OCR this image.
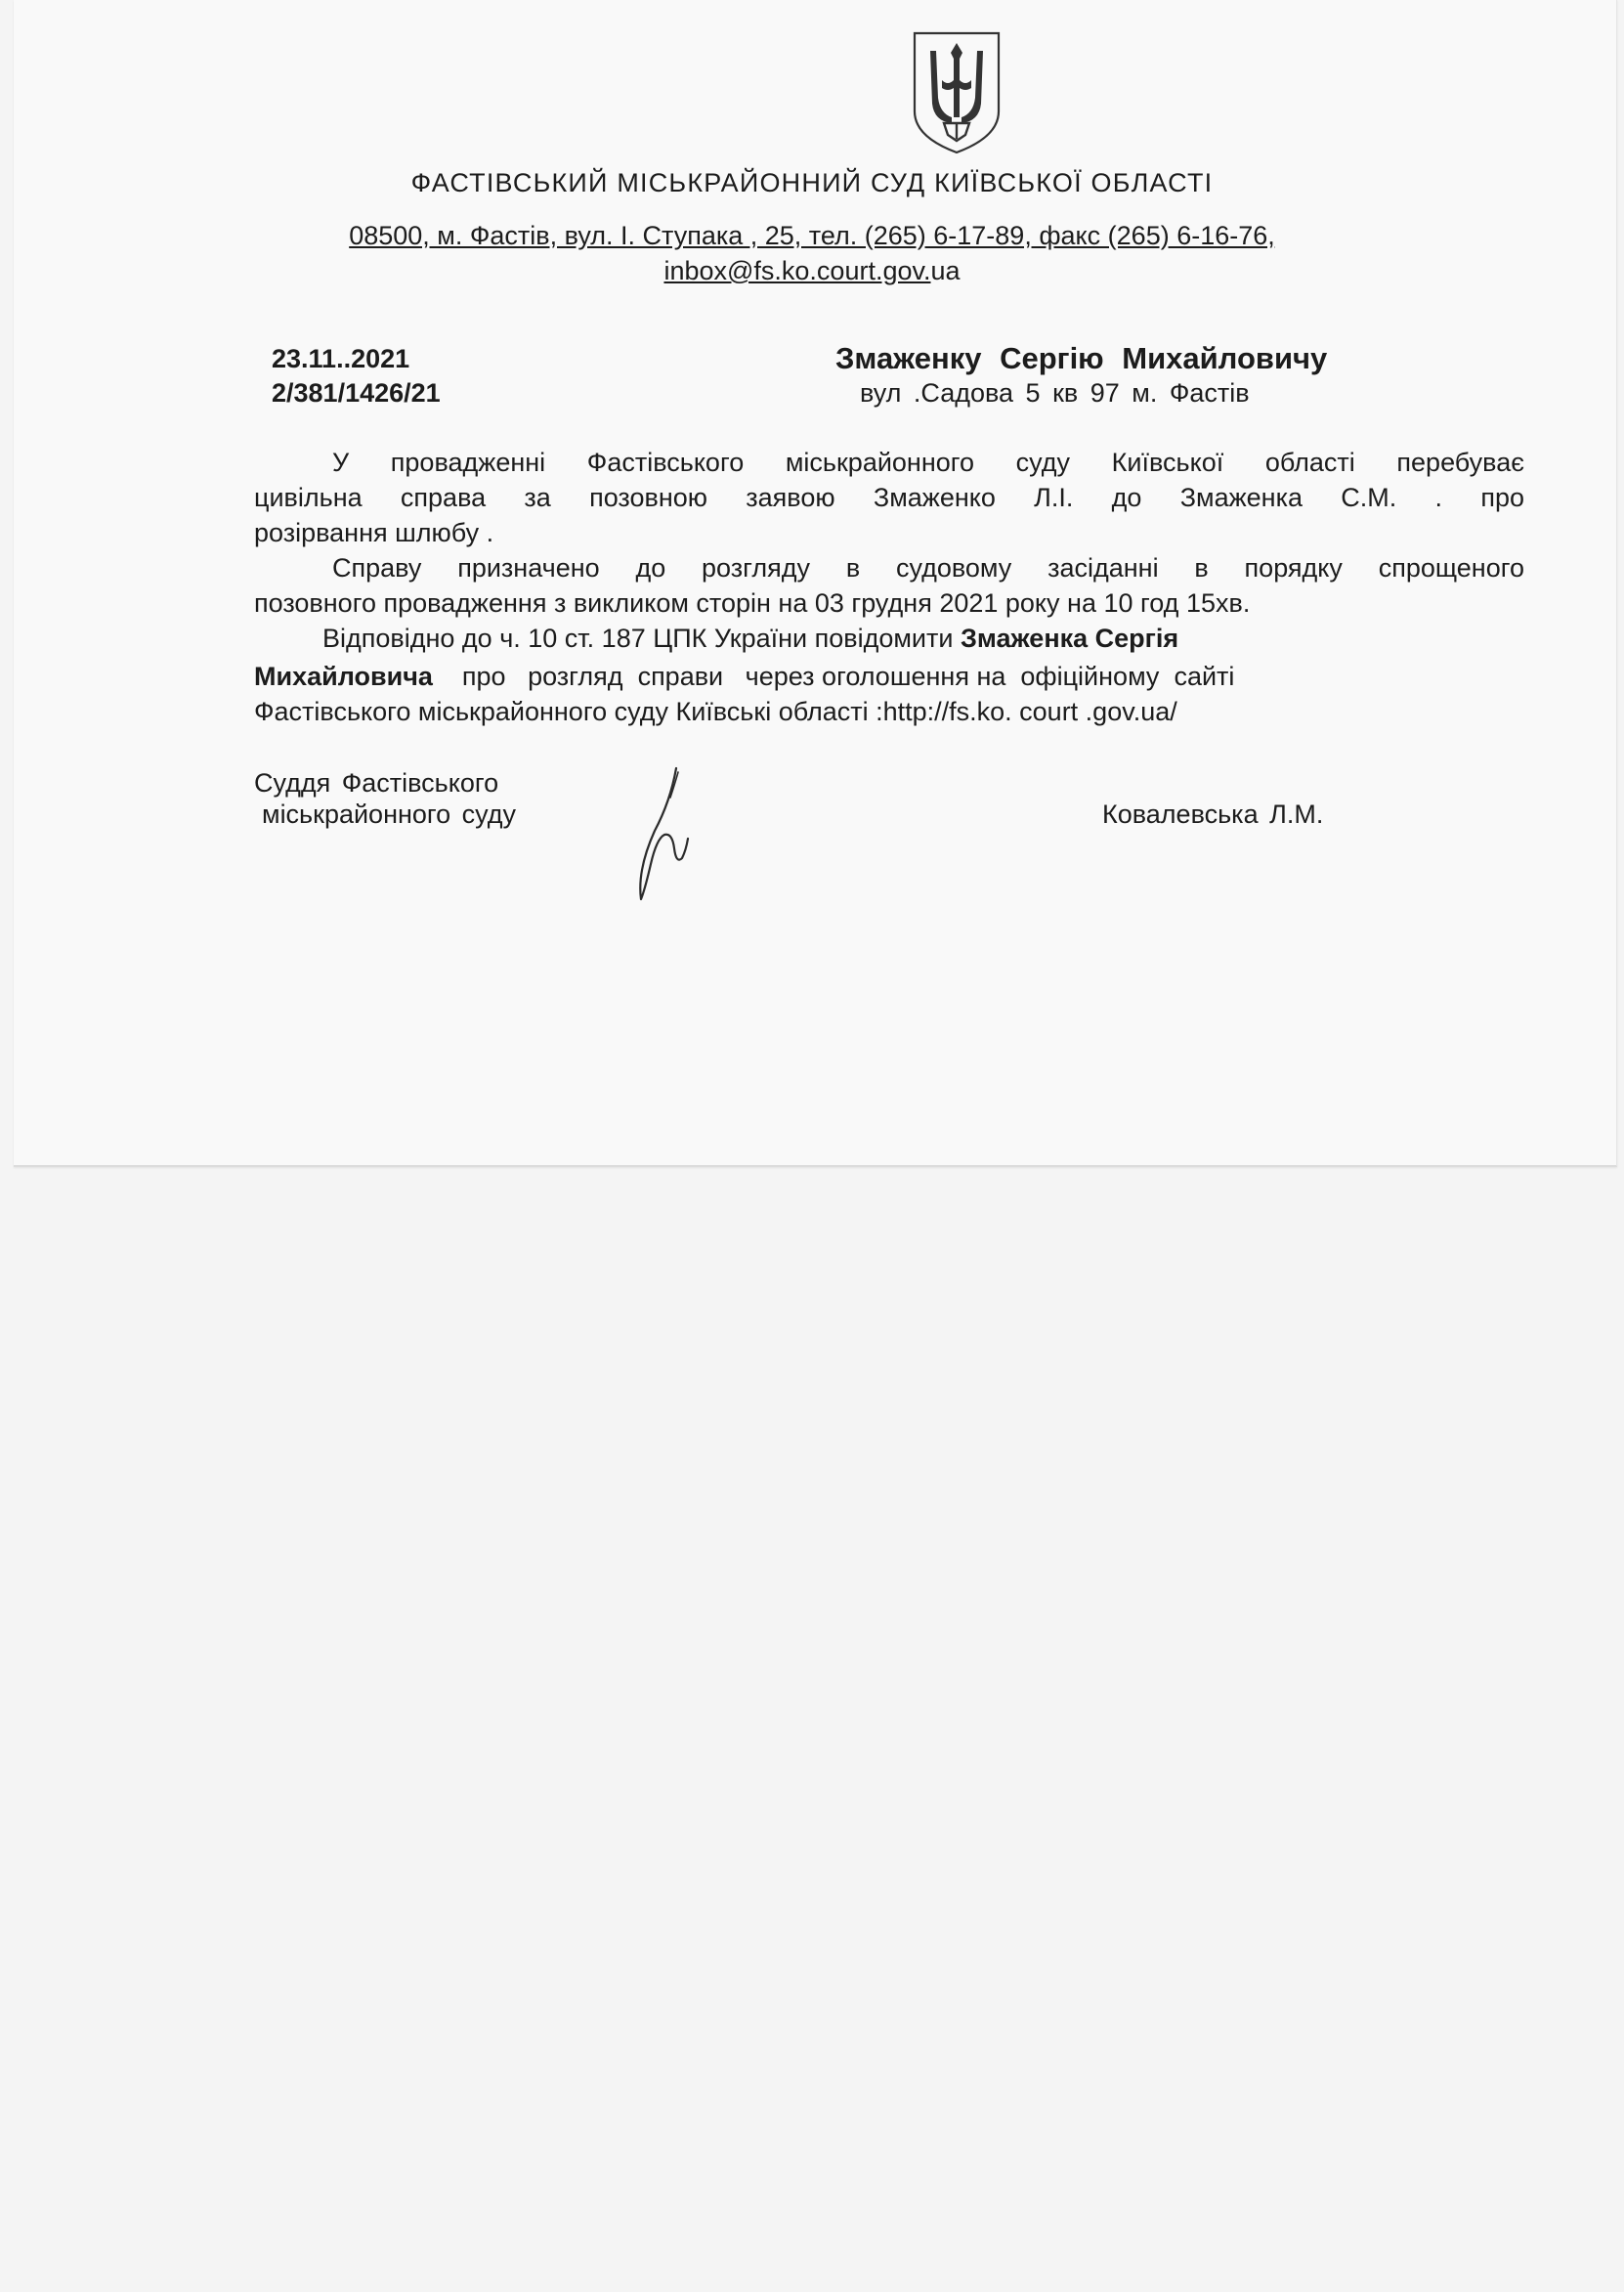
ФАСТІВСЬКИЙ МІСЬКРАЙОННИЙ СУД КИЇВСЬКОЇ ОБЛАСТІ
08500, м. Фастів, вул. І. Ступака , 25, тел. (265) 6-17-89, факс (265) 6-16-76,
inbox@fs.ko.court.gov.ua
23.11..2021
2/381/1426/21
Змаженку Сергію Михайловичу
вул .Садова 5 кв 97 м. Фастів
У провадженні Фастівського міськрайонного суду Київської області перебуває
цивільна справа за позовною заявою Змаженко Л.І. до Змаженка С.М. . про
розірвання шлюбу .
Справу призначено до розгляду в судовому засіданні в порядку спрощеного
позовного провадження з викликом сторін на 03 грудня 2021 року на 10 год 15хв.
Відповідно до ч. 10 ст. 187 ЦПК України повідомити Змаженка Сергія
Михайловича    про   розгляд  справи   через оголошення на  офіційному  сайті
Фастівського міськрайонного суду Київські області :http://fs.ko. court .gov.ua/
Суддя Фастівського
міськрайонного суду	Ковалевська Л.М.
